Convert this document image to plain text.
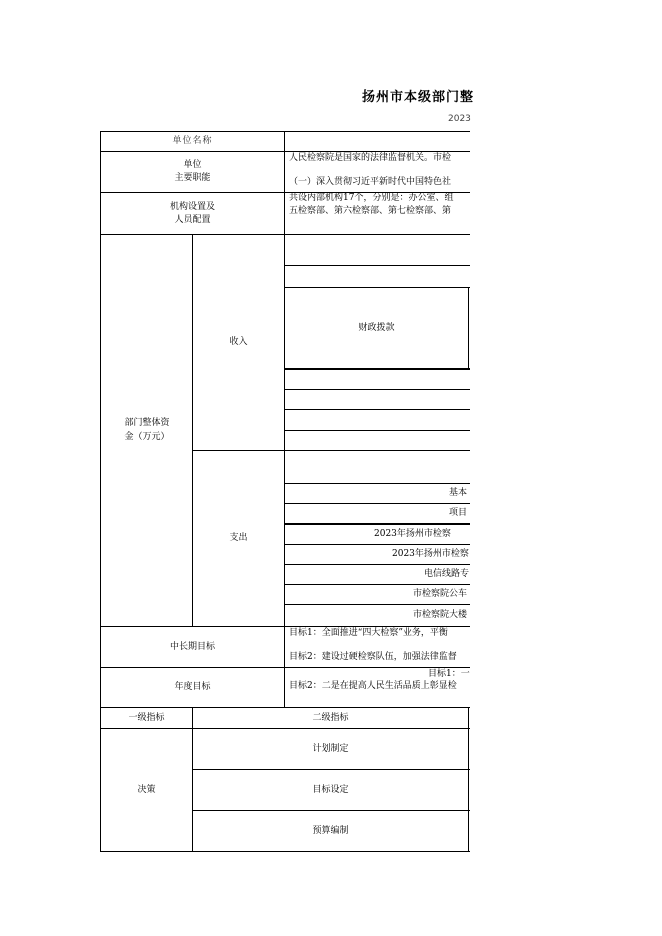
扬州市本级部门整
2023
单位名称
单位
主要职能
人民检察院是国家的法律监督机关。市检
（一）深入贯彻习近平新时代中国特色社
机构设置及
人员配置
共设内部机构17个，分别是：办公室、组
五检察部、第六检察部、第七检察部、第
部门整体资金（万元）
收入
支出
财政拨款
基本
项目
2023年扬州市检察
2023年扬州市检察
电信线路专
市检察院公车
市检察院大楼
中长期目标
目标1：全面推进“四大检察”业务，平衡
目标2：建设过硬检察队伍，加强法律监督
年度目标
目标1：一
目标2：二是在提高人民生活品质上彰显检
一级指标	二级指标
决策
计划制定
目标设定
预算编制
